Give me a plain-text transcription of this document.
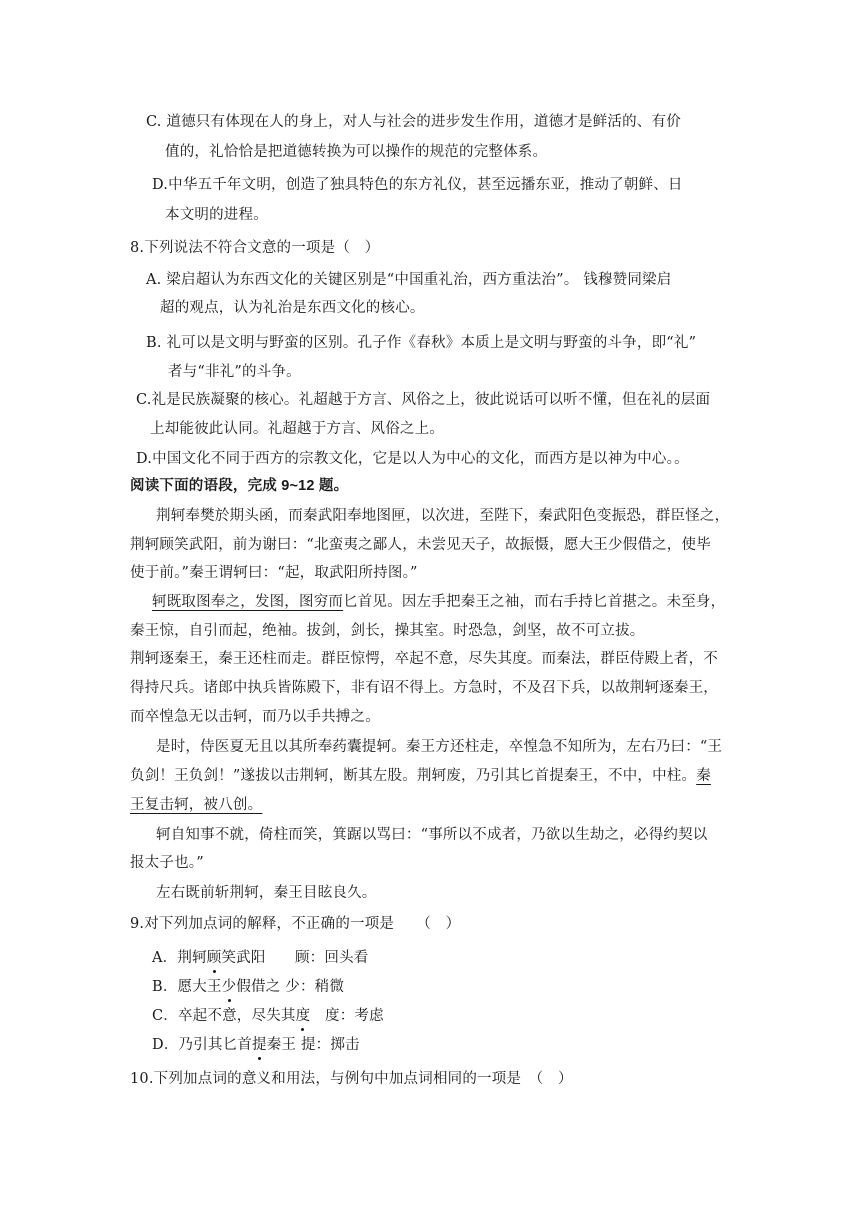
C. 道德只有体现在人的身上，对人与社会的进步发生作用，道德才是鲜活的、有价
值的，礼恰恰是把道德转换为可以操作的规范的完整体系。
D.中华五千年文明，创造了独具特色的东方礼仪，甚至远播东亚，推动了朝鲜、日
本文明的进程。
8.下列说法不符合文意的一项是（　）
A. 梁启超认为东西文化的关键区别是“中国重礼治，西方重法治”。 钱穆赞同梁启
超的观点，认为礼治是东西文化的核心。
B. 礼可以是文明与野蛮的区别。孔子作《春秋》本质上是文明与野蛮的斗争，即“礼”
者与“非礼”的斗争。
C.礼是民族凝聚的核心。礼超越于方言、风俗之上，彼此说话可以听不懂，但在礼的层面
上却能彼此认同。礼超越于方言、风俗之上。
D.中国文化不同于西方的宗教文化，它是以人为中心的文化，而西方是以神为中心。。
阅读下面的语段，完成 9~12 题。
荆轲奉樊於期头函，而秦武阳奉地图匣，以次进，至陛下，秦武阳色变振恐，群臣怪之，
荆轲顾笑武阳，前为谢曰：“北蛮夷之鄙人，未尝见天子，故振慑，愿大王少假借之，使毕
使于前。”秦王谓轲曰：“起，取武阳所持图。”
轲既取图奉之，发图，图穷而匕首见。因左手把秦王之袖，而右手持匕首揕之。未至身，
秦王惊，自引而起，绝袖。拔剑，剑长，操其室。时恐急，剑坚，故不可立拔。
荆轲逐秦王，秦王还柱而走。群臣惊愕，卒起不意，尽失其度。而秦法，群臣侍殿上者，不
得持尺兵。诸郎中执兵皆陈殿下，非有诏不得上。方急时，不及召下兵，以故荆轲逐秦王，
而卒惶急无以击轲，而乃以手共搏之。
是时，侍医夏无且以其所奉药囊提轲。秦王方还柱走，卒惶急不知所为，左右乃曰：“王
负剑！王负剑！”遂拔以击荆轲，断其左股。荆轲废，乃引其匕首提秦王，不中，中柱。秦
王复击轲，被八创。
轲自知事不就，倚柱而笑，箕踞以骂曰：“事所以不成者，乃欲以生劫之，必得约契以
报太子也。”
左右既前斩荆轲，秦王目眩良久。
9.对下列加点词的解释，不正确的一项是　　（　）
A．荆轲顾笑武阳　　顾：回头看
B．愿大王少假借之 少：稍微
C．卒起不意，尽失其度　度：考虑
D．乃引其匕首提秦王 提：掷击
10.下列加点词的意义和用法，与例句中加点词相同的一项是　（　）
